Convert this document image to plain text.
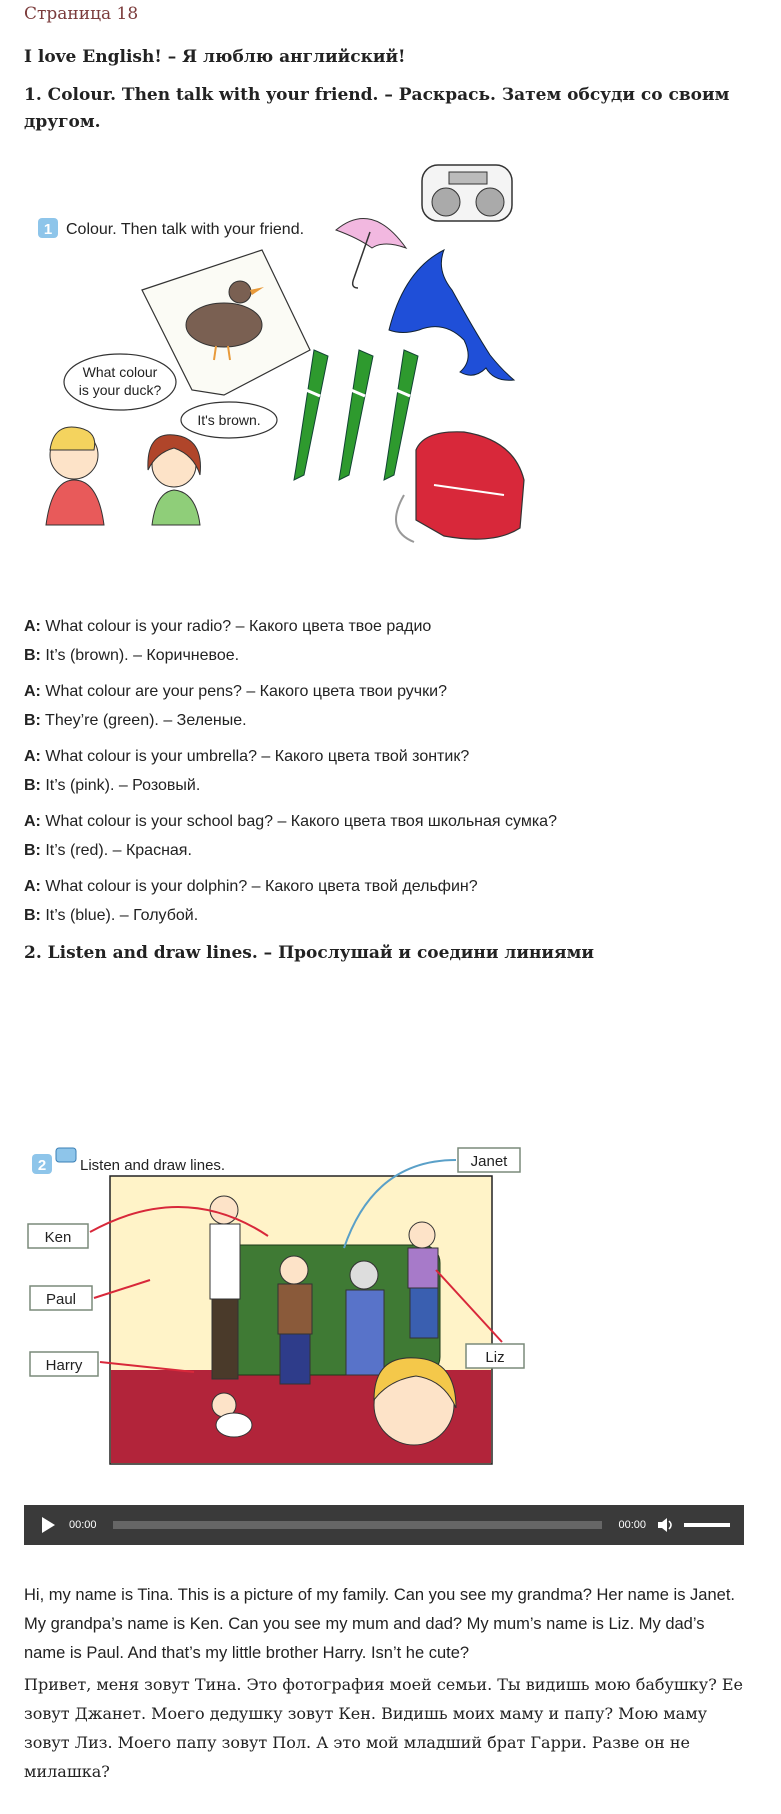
Страница 18
I love English! – Я люблю английский!
1. Colour. Then talk with your friend. – Раскрась. Затем обсуди со своим
другом.
1 Colour. Then talk with your friend.
What colour
is your duck?
It's brown.
A: What colour is your radio? – Какого цвета твое радио
B: It’s (brown). – Коричневое.
A: What colour are your pens? – Какого цвета твои ручки?
B: They’re (green). – Зеленые.
A: What colour is your umbrella? – Какого цвета твой зонтик?
B: It’s (pink). – Розовый.
A: What colour is your school bag? – Какого цвета твоя школьная сумка?
B: It’s (red). – Красная.
A: What colour is your dolphin? – Какого цвета твой дельфин?
B: It’s (blue). – Голубой.
2. Listen and draw lines. – Прослушай и соедини линиями
2 Listen and draw lines.
Ken
Paul
Harry
Janet
Liz
00:00	00:00
Hi, my name is Tina. This is a picture of my family. Can you see my grandma? Her name is Janet. My grandpa’s name is Ken. Can you see my mum and dad? My mum’s name is Liz. My dad’s name is Paul. And that’s my little brother Harry. Isn’t he cute?
Привет, меня зовут Тина. Это фотография моей семьи. Ты видишь мою бабушку? Ее зовут Джанет. Моего дедушку зовут Кен. Видишь моих маму и папу? Мою маму зовут Лиз. Моего папу зовут Пол. А это мой младший брат Гарри. Разве он не милашка?
